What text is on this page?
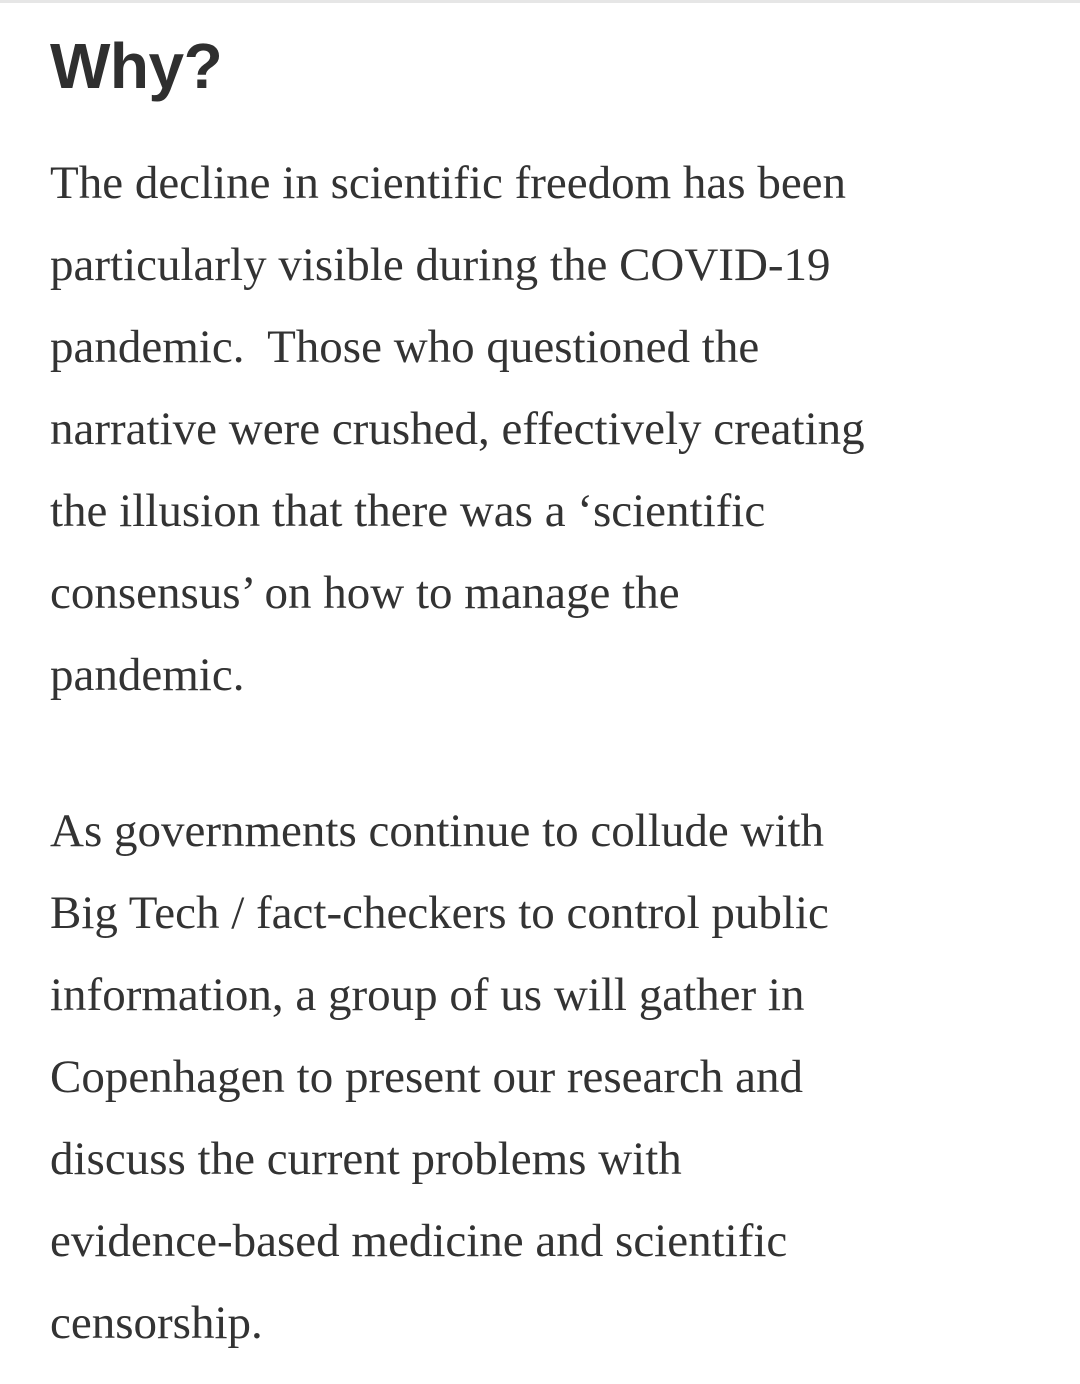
Why?

The decline in scientific freedom has been
particularly visible during the COVID-19
pandemic.  Those who questioned the
narrative were crushed, effectively creating
the illusion that there was a ‘scientific
consensus’ on how to manage the
pandemic.

As governments continue to collude with
Big Tech / fact-checkers to control public
information, a group of us will gather in
Copenhagen to present our research and
discuss the current problems with
evidence-based medicine and scientific
censorship.
